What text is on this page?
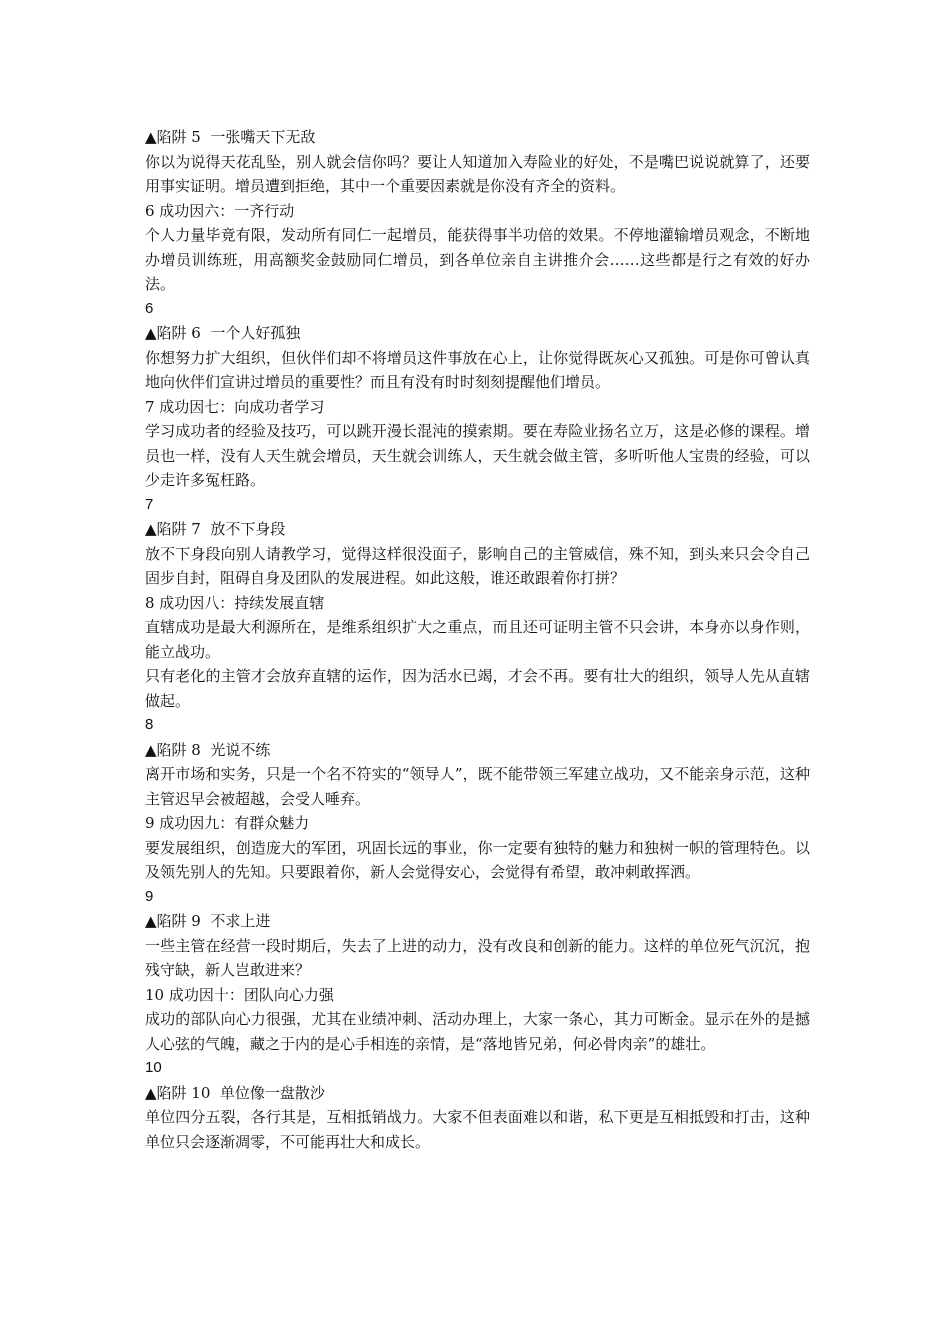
▲陷阱 5  一张嘴天下无敌
你以为说得天花乱坠，别人就会信你吗？要让人知道加入寿险业的好处，不是嘴巴说说就算了，还要用事实证明。增员遭到拒绝，其中一个重要因素就是你没有齐全的资料。
6 成功因六：一齐行动
个人力量毕竟有限，发动所有同仁一起增员，能获得事半功倍的效果。不停地灌输增员观念，不断地办增员训练班，用高额奖金鼓励同仁增员，到各单位亲自主讲推介会……这些都是行之有效的好办法。
6
▲陷阱 6  一个人好孤独
你想努力扩大组织，但伙伴们却不将增员这件事放在心上，让你觉得既灰心又孤独。可是你可曾认真地向伙伴们宣讲过增员的重要性？而且有没有时时刻刻提醒他们增员。
7 成功因七：向成功者学习
学习成功者的经验及技巧，可以跳开漫长混沌的摸索期。要在寿险业扬名立万，这是必修的课程。增员也一样，没有人天生就会增员，天生就会训练人，天生就会做主管，多听听他人宝贵的经验，可以少走许多冤枉路。
7
▲陷阱 7  放不下身段
放不下身段向别人请教学习，觉得这样很没面子，影响自己的主管威信，殊不知，到头来只会令自己固步自封，阻碍自身及团队的发展进程。如此这般，谁还敢跟着你打拼？
8 成功因八：持续发展直辖
直辖成功是最大利源所在，是维系组织扩大之重点，而且还可证明主管不只会讲，本身亦以身作则，能立战功。
只有老化的主管才会放弃直辖的运作，因为活水已竭，才会不再。要有壮大的组织，领导人先从直辖做起。
8
▲陷阱 8  光说不练
离开市场和实务，只是一个名不符实的“领导人”，既不能带领三军建立战功，又不能亲身示范，这种主管迟早会被超越，会受人唾弃。
9 成功因九：有群众魅力
要发展组织，创造庞大的军团，巩固长远的事业，你一定要有独特的魅力和独树一帜的管理特色。以及领先别人的先知。只要跟着你，新人会觉得安心，会觉得有希望，敢冲刺敢挥洒。
9
▲陷阱 9  不求上进
一些主管在经营一段时期后，失去了上进的动力，没有改良和创新的能力。这样的单位死气沉沉，抱残守缺，新人岂敢进来？
10 成功因十：团队向心力强
成功的部队向心力很强，尤其在业绩冲刺、活动办理上，大家一条心，其力可断金。显示在外的是撼人心弦的气魄，藏之于内的是心手相连的亲情，是“落地皆兄弟，何必骨肉亲”的雄壮。
10
▲陷阱 10  单位像一盘散沙
单位四分五裂，各行其是，互相抵销战力。大家不但表面难以和谐，私下更是互相抵毁和打击，这种单位只会逐渐凋零，不可能再壮大和成长。
